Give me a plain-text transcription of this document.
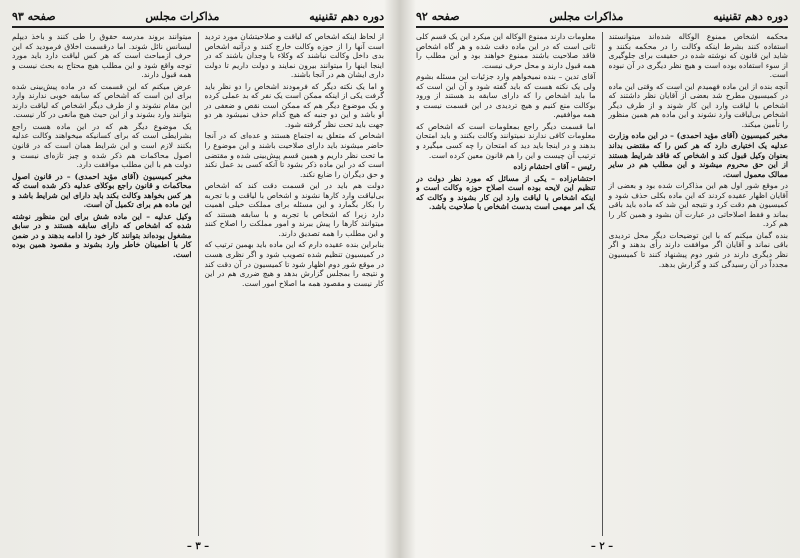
دوره دهم تقنینیه
مذاکرات مجلس
صفحه ۹۳

از لحاظ اینکه اشخاص که لیاقت و صلاحیتشان مورد تردید است آنها را از حوزه وکالت خارج کنند و درآتیه اشخاص بدی داخل وکالت نباشند که وکلاء با وجدان باشند که در اینجا اینها را میتوانند بیرون نمایند و دولت داریم تا دولت داری ایشان هم در آنجا باشند.

و اما یک نکته دیگر که فرمودند اشخاص را دو نظر باید گرفت یکی از اینکه ممکن است یک نفر که بد عملی کرده و یک موضوع دیگر هم که ممکن است نقص و ضعفی در او باشد و این دو جنبه که هیچ کدام حذف نمیشود هر دو جهت باید تحت نظر گرفته شود.

اشخاص که متعلق به اجتماع هستند و عده‌ای که در آنجا حاضر میشوند باید دارای صلاحیت باشند و این موضوع را ما تحت نظر داریم و همین قسم پیش‌بینی شده و مقتضی است که در این ماده ذکر بشود تا آنکه کسی بد عمل نکند و حق دیگران را ضایع نکند.

دولت هم باید در این قسمت دقت کند که اشخاص بی‌لیاقت وارد کارها نشوند و اشخاص با لیاقت و با تجربه را بکار بگمارد و این مسئله برای مملکت خیلی اهمیت دارد زیرا که اشخاص با تجربه و با سابقه هستند که میتوانند کارها را پیش ببرند و امور مملکت را اصلاح کنند و این مطلب را همه تصدیق دارند.

بنابراین بنده عقیده دارم که این ماده باید بهمین ترتیب که در کمیسیون تنظیم شده تصویب شود و اگر نظری هست در موقع شور دوم اظهار شود تا کمیسیون در آن دقت کند و نتیجه را بمجلس گزارش بدهد و هیچ ضرری هم در این کار نیست و مقصود همه ما اصلاح امور است.

میتوانند بروند مدرسه حقوق را طی کنند و باخذ دیپلم لیسانس نائل شوند. اما درقسمت اخلاق فرمودید که این حرف ازمباحث است که هر کس لیاقت دارد باید مورد توجه واقع شود و این مطلب هیچ محتاج به بحث نیست و همه قبول دارند.

عرض میکنم که این قسمت که در ماده پیش‌بینی شده برای این است که اشخاص که سابقه خوبی ندارند وارد این مقام نشوند و از طرف دیگر اشخاص که لیاقت دارند بتوانند وارد بشوند و از این حیث هیچ مانعی در کار نیست.

یک موضوع دیگر هم که در این ماده هست راجع بشرایطی است که برای کسانیکه میخواهند وکالت عدلیه بکنند لازم است و این شرایط همان است که در قانون اصول محاکمات هم ذکر شده و چیز تازه‌ای نیست و دولت هم با این مطلب موافقت دارد.

مخبر کمیسیون (آقای مؤید احمدی) – در قانون اصول محاکمات و قانون راجع بوکلای عدلیه ذکر شده است که هر کس بخواهد وکالت بکند باید دارای این شرایط باشد و این ماده هم برای تکمیل آن است.

وکیل عدلیه – این ماده شش برای این منظور نوشته شده که اشخاص که دارای سابقه هستند و در سابق مشغول بوده‌اند بتوانند کار خود را ادامه بدهند و در ضمن کار با اطمینان خاطر وارد بشوند و مقصود همین بوده است.

– ۳ –
دوره دهم تقنینیه
مذاکرات مجلس
صفحه ۹۲

محکمه اشخاص ممنوع الوکاله شده‌اند میتوانستند استفاده کنند بشرط اینکه وکالت را در محکمه بکنند و شاید این قانون که نوشته شده در حقیقت برای جلوگیری از سوء استفاده بوده است و هیچ نظر دیگری در آن نبوده است.

آنچه بنده از این ماده فهمیدم این است که وقتی این ماده در کمیسیون مطرح شد بعضی از آقایان نظر داشتند که اشخاص با لیاقت وارد این کار شوند و از طرف دیگر اشخاص بی‌لیاقت وارد نشوند و این ماده هم همین منظور را تأمین میکند.

مخبر کمیسیون (آقای مؤید احمدی) – در این ماده وزارت عدلیه یک اختیاری دارد که هر کس را که مقتضی بداند بعنوان وکیل قبول کند و اشخاص که فاقد شرایط هستند از این حق محروم میشوند و این مطلب هم در سایر ممالک معمول است.

در موقع شور اول هم این مذاکرات شده بود و بعضی از آقایان اظهار عقیده کردند که این ماده بکلی حذف شود و کمیسیون هم دقت کرد و نتیجه این شد که ماده باید باقی بماند و فقط اصلاحاتی در عبارت آن بشود و همین کار را هم کرد.

بنده گمان میکنم که با این توضیحات دیگر محل تردیدی باقی نماند و آقایان اگر موافقت دارند رأی بدهند و اگر نظر دیگری دارند در شور دوم پیشنهاد کنند تا کمیسیون مجدداً در آن رسیدگی کند و گزارش بدهد.

معلومات دارند ممنوع الوکاله این میکرد این یک قسم کلی ثانی است که در این ماده دقت شده و هر گاه اشخاص فاقد صلاحیت باشند ممنوع خواهند بود و این مطلب را همه قبول دارند و محل حرف نیست.

آقای تدین – بنده نمیخواهم وارد جزئیات این مسئله بشوم ولی یک نکته هست که باید گفته شود و آن این است که ما باید اشخاص را که دارای سابقه بد هستند از ورود بوکالت منع کنیم و هیچ تردیدی در این قسمت نیست و همه موافقیم.

اما قسمت دیگر راجع بمعلومات است که اشخاص که معلومات کافی ندارند نمیتوانند وکالت بکنند و باید امتحان بدهند و در اینجا باید دید که امتحان را چه کسی میگیرد و ترتیب آن چیست و این را هم قانون معین کرده است.

رئیس – آقای احتشام زاده

احتشام‌زاده – یکی از مسائل که مورد نظر دولت در تنظیم این لایحه بوده است اصلاح حوزه وکالت است و اینکه اشخاص با لیاقت وارد این کار بشوند و وکالت که یک امر مهمی است بدست اشخاص با صلاحیت باشد.

– ۲ –
